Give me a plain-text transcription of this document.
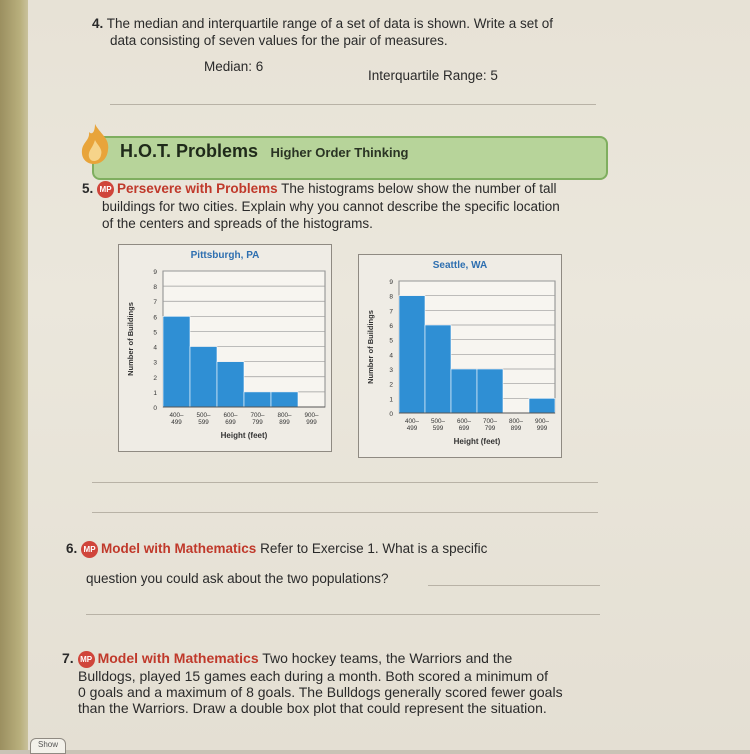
4. The median and interquartile range of a set of data is shown. Write a set of
data consisting of seven values for the pair of measures.
Median: 6
Interquartile Range: 5
H.O.T. Problems Higher Order Thinking
5. MP Persevere with Problems The histograms below show the number of tall
buildings for two cities. Explain why you cannot describe the specific location
of the centers and spreads of the histograms.
Pittsburgh, PA
0
1
2
3
4
5
6
7
8
9
400–
499
500–
599
600–
699
700–
799
800–
899
900–
999
Height (feet)
Number of Buildings
Seattle, WA
0
1
2
3
4
5
6
7
8
9
400–
499
500–
599
600–
699
700–
799
800–
899
900–
999
Height (feet)
Number of Buildings
6. MP Model with Mathematics Refer to Exercise 1. What is a specific
question you could ask about the two populations?
7. MP Model with Mathematics Two hockey teams, the Warriors and the
Bulldogs, played 15 games each during a month. Both scored a minimum of
0 goals and a maximum of 8 goals. The Bulldogs generally scored fewer goals
than the Warriors. Draw a double box plot that could represent the situation.
Show
